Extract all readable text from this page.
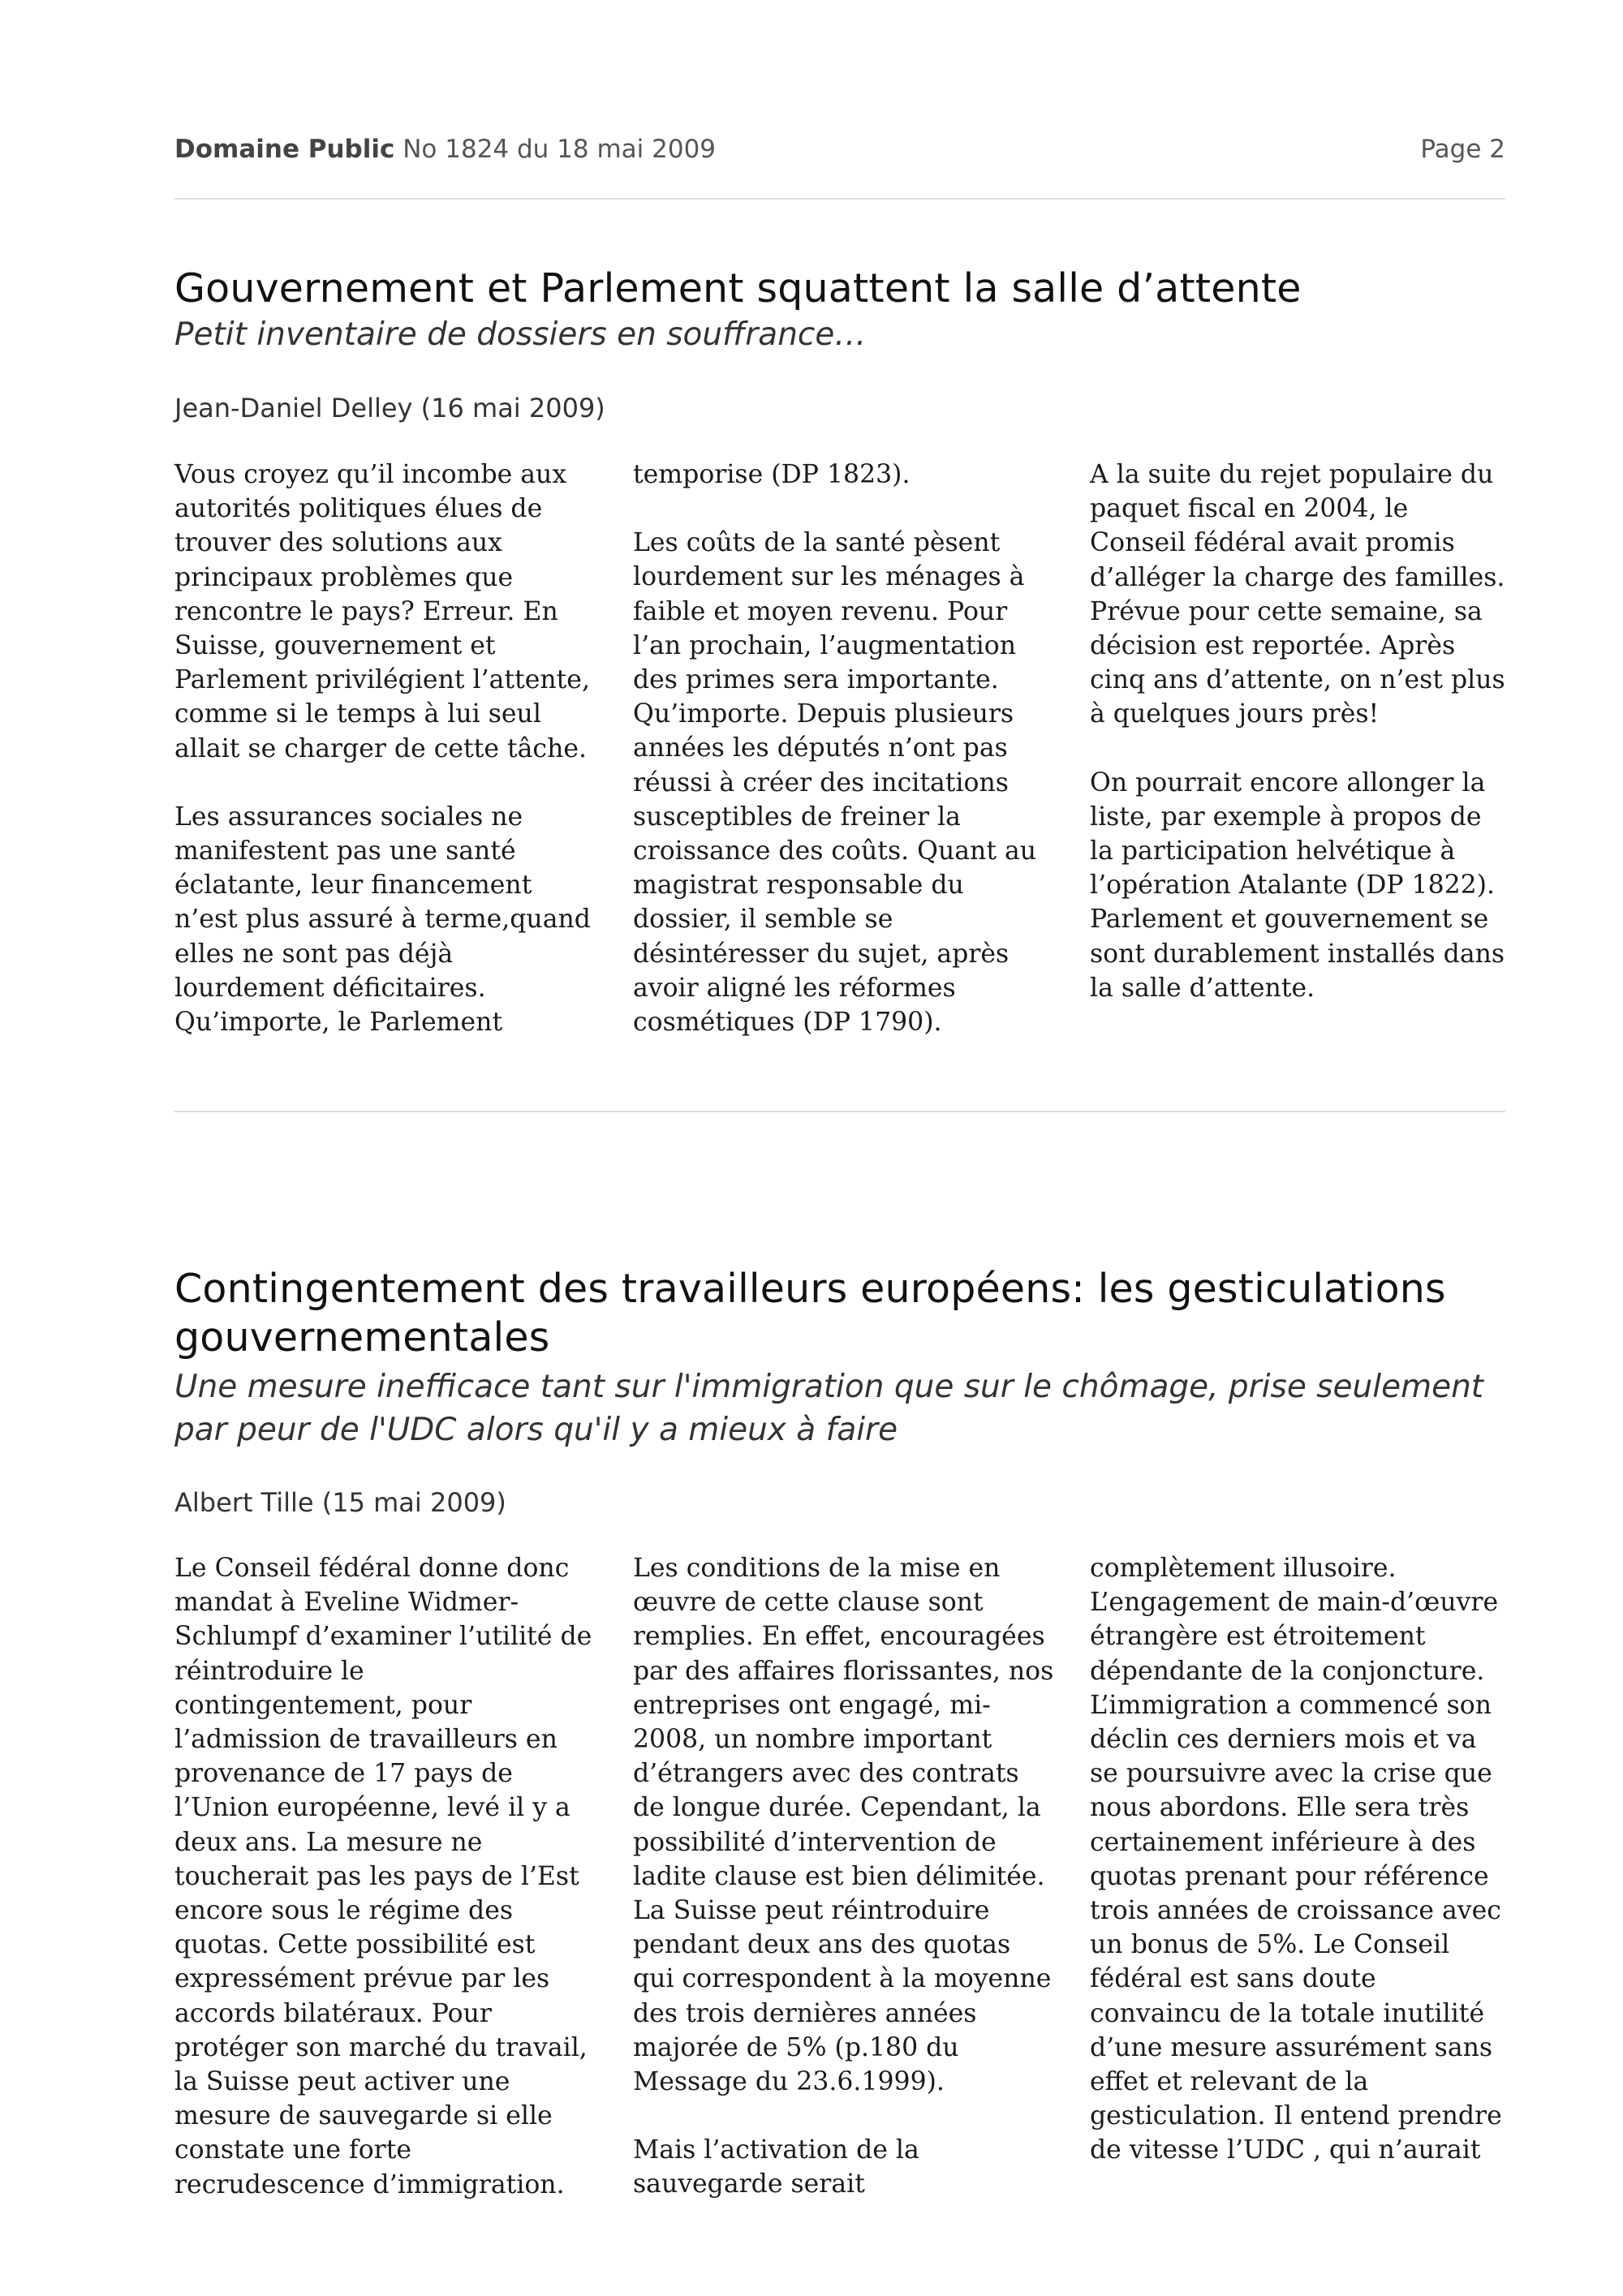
Domaine Public No 1824 du 18 mai 2009	Page 2
Gouvernement et Parlement squattent la salle d’attente

Petit inventaire de dossiers en souffrance…

Jean-Daniel Delley (16 mai 2009)

Vous croyez qu’il incombe aux autorités politiques élues de trouver des solutions aux principaux problèmes que rencontre le pays? Erreur. En Suisse, gouvernement et Parlement privilégient l’attente, comme si le temps à lui seul allait se charger de cette tâche.

Les assurances sociales ne manifestent pas une santé éclatante, leur financement n’est plus assuré à terme,quand elles ne sont pas déjà lourdement déficitaires. Qu’importe, le Parlement

temporise (DP 1823).

Les coûts de la santé pèsent lourdement sur les ménages à faible et moyen revenu. Pour l’an prochain, l’augmentation des primes sera importante. Qu’importe. Depuis plusieurs années les députés n’ont pas réussi à créer des incitations susceptibles de freiner la croissance des coûts. Quant au magistrat responsable du dossier, il semble se désintéresser du sujet, après avoir aligné les réformes cosmétiques (DP 1790).

A la suite du rejet populaire du paquet fiscal en 2004, le Conseil fédéral avait promis d’alléger la charge des familles. Prévue pour cette semaine, sa décision est reportée. Après cinq ans d’attente, on n’est plus à quelques jours près!

On pourrait encore allonger la liste, par exemple à propos de la participation helvétique à l’opération Atalante (DP 1822). Parlement et gouvernement se sont durablement installés dans la salle d’attente.

Contingentement des travailleurs européens: les gesticulations gouvernementales

Une mesure inefficace tant sur l'immigration que sur le chômage, prise seulement par peur de l'UDC alors qu'il y a mieux à faire

Albert Tille (15 mai 2009)

Le Conseil fédéral donne donc mandat à Eveline Widmer-Schlumpf d’examiner l’utilité de réintroduire le contingentement, pour l’admission de travailleurs en provenance de 17 pays de l’Union européenne, levé il y a deux ans. La mesure ne toucherait pas les pays de l’Est encore sous le régime des quotas. Cette possibilité est expressément prévue par les accords bilatéraux. Pour protéger son marché du travail, la Suisse peut activer une mesure de sauvegarde si elle constate une forte recrudescence d’immigration.

Les conditions de la mise en œuvre de cette clause sont remplies. En effet, encouragées par des affaires florissantes, nos entreprises ont engagé, mi-2008, un nombre important d’étrangers avec des contrats de longue durée. Cependant, la possibilité d’intervention de ladite clause est bien délimitée. La Suisse peut réintroduire pendant deux ans des quotas qui correspondent à la moyenne des trois dernières années majorée de 5% (p.180 du Message du 23.6.1999).

Mais l’activation de la sauvegarde serait

complètement illusoire. L’engagement de main-d’œuvre étrangère est étroitement dépendante de la conjoncture. L’immigration a commencé son déclin ces derniers mois et va se poursuivre avec la crise que nous abordons. Elle sera très certainement inférieure à des quotas prenant pour référence trois années de croissance avec un bonus de 5%. Le Conseil fédéral est sans doute convaincu de la totale inutilité d’une mesure assurément sans effet et relevant de la gesticulation. Il entend prendre de vitesse l’UDC , qui n’aurait
